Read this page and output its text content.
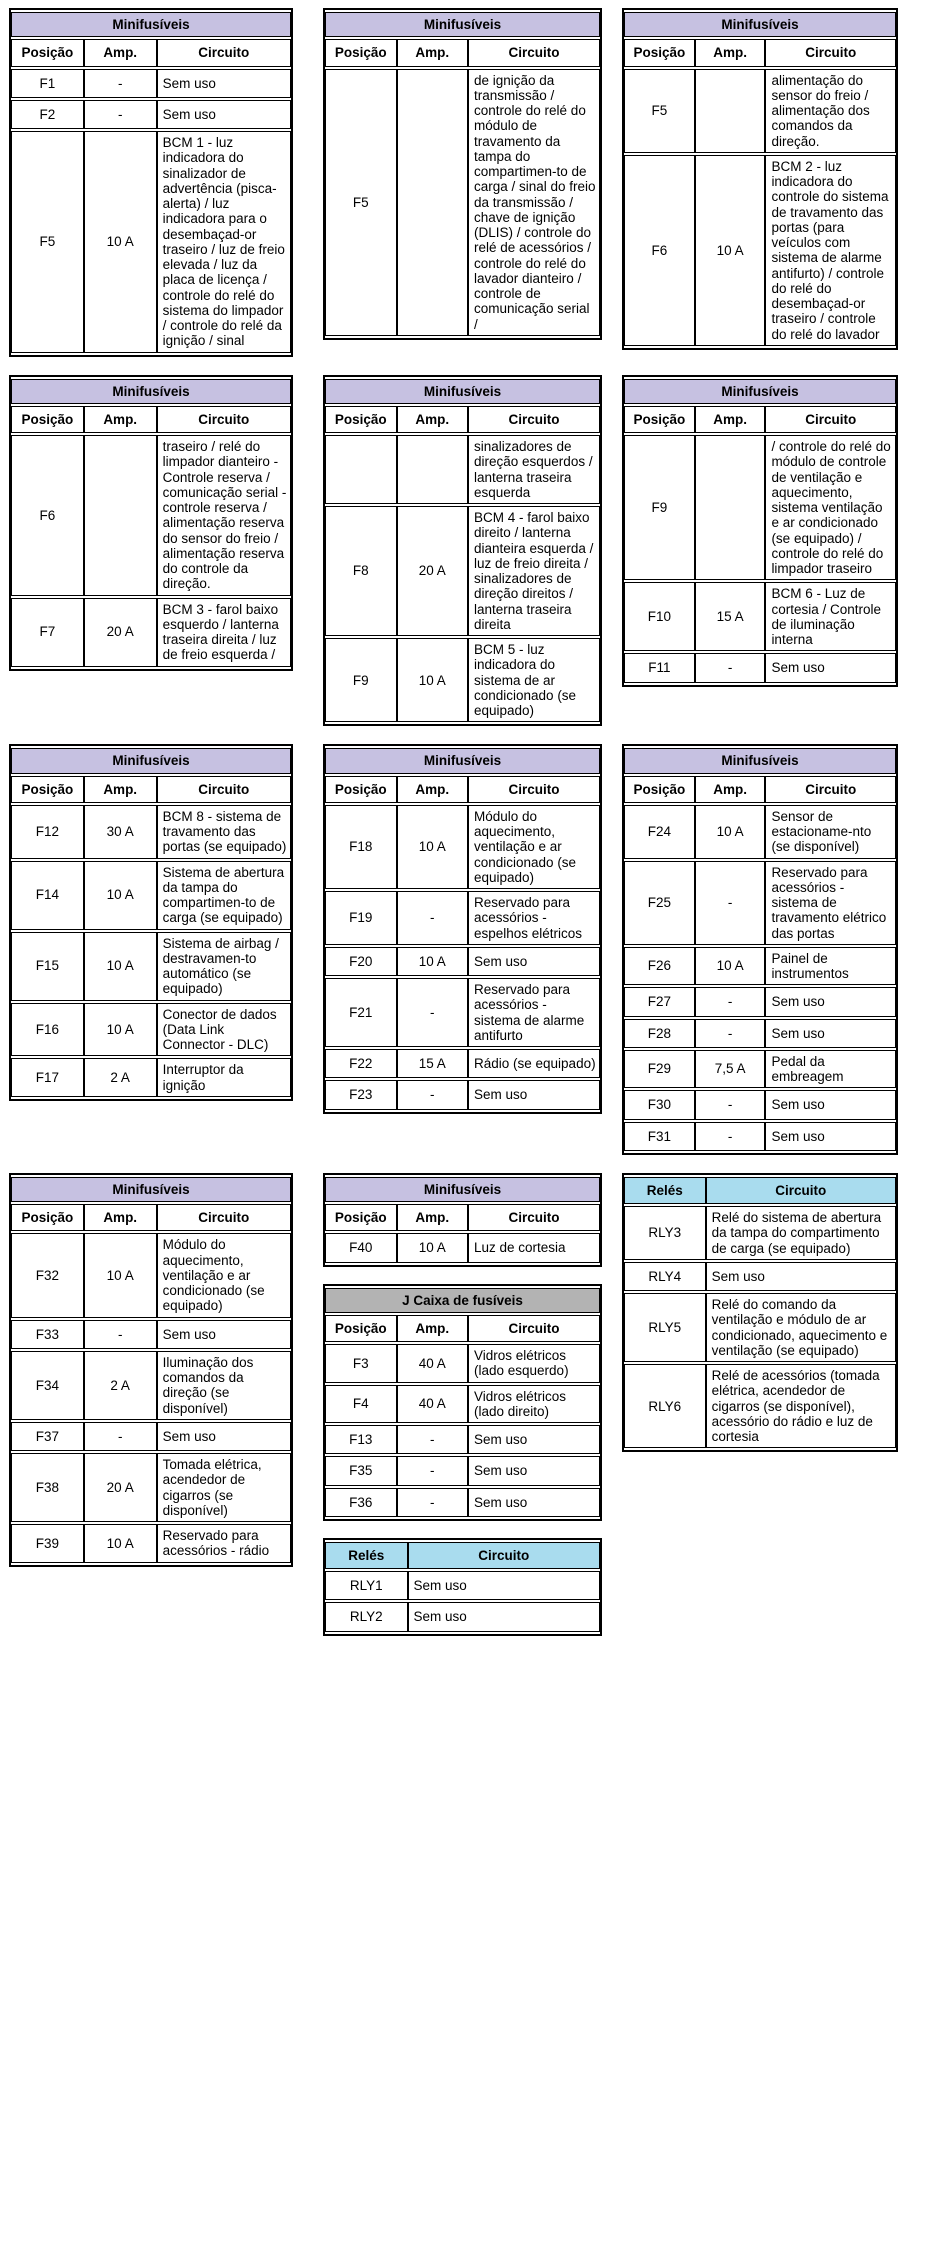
Minifusíveis		
Posição	Amp.	Circuito
F1	-	Sem uso
F2	-	Sem uso
F5	10 A	BCM 1 - luz indicadora do sinalizador de advertência (pisca-alerta) / luz indicadora para o desembaçad-or traseiro / luz de freio elevada / luz da placa de licença / controle do relé do sistema do limpador / controle do relé da ignição / sinal
Minifusíveis		
Posição	Amp.	Circuito
F5		de ignição da transmissão / controle do relé do módulo de travamento da tampa do compartimen-to de carga / sinal do freio da transmissão / chave de ignição (DLIS) / controle do relé de acessórios / controle do relé do lavador dianteiro / controle de comunicação serial /
Minifusíveis		
Posição	Amp.	Circuito
F5		alimentação do sensor do freio / alimentação dos comandos da direção.
F6	10 A	BCM 2 - luz indicadora do controle do sistema de travamento das portas (para veículos com sistema de alarme antifurto) / controle do relé do desembaçad-or traseiro / controle do relé do lavador
Minifusíveis		
Posição	Amp.	Circuito
F6		traseiro / relé do limpador dianteiro - Controle reserva / comunicação serial - controle reserva / alimentação reserva do sensor do freio / alimentação reserva do controle da direção.
F7	20 A	BCM 3 - farol baixo esquerdo / lanterna traseira direita / luz de freio esquerda /
Minifusíveis		
Posição	Amp.	Circuito
		sinalizadores de direção esquerdos / lanterna traseira esquerda
F8	20 A	BCM 4 - farol baixo direito / lanterna dianteira esquerda / luz de freio direita / sinalizadores de direção direitos / lanterna traseira direita
F9	10 A	BCM 5 - luz indicadora do sistema de ar condicionado (se equipado)
Minifusíveis		
Posição	Amp.	Circuito
F9		/ controle do relé do módulo de controle de ventilação e aquecimento, sistema ventilação e ar condicionado (se equipado) / controle do relé do limpador traseiro
F10	15 A	BCM 6 - Luz de cortesia / Controle de iluminação interna
F11	-	Sem uso
Minifusíveis		
Posição	Amp.	Circuito
F12	30 A	BCM 8 - sistema de travamento das portas (se equipado)
F14	10 A	Sistema de abertura da tampa do compartimen-to de carga (se equipado)
F15	10 A	Sistema de airbag / destravamen-to automático (se equipado)
F16	10 A	Conector de dados (Data Link Connector - DLC)
F17	2 A	Interruptor da ignição
Minifusíveis		
Posição	Amp.	Circuito
F18	10 A	Módulo do aquecimento, ventilação e ar condicionado (se equipado)
F19	-	Reservado para acessórios - espelhos elétricos
F20	10 A	Sem uso
F21	-	Reservado para acessórios - sistema de alarme antifurto
F22	15 A	Rádio (se equipado)
F23	-	Sem uso
Minifusíveis		
Posição	Amp.	Circuito
F24	10 A	Sensor de estacioname-nto (se disponível)
F25	-	Reservado para acessórios - sistema de travamento elétrico das portas
F26	10 A	Painel de instrumentos
F27	-	Sem uso
F28	-	Sem uso
F29	7,5 A	Pedal da embreagem
F30	-	Sem uso
F31	-	Sem uso
Minifusíveis		
Posição	Amp.	Circuito
F32	10 A	Módulo do aquecimento, ventilação e ar condicionado (se equipado)
F33	-	Sem uso
F34	2 A	Iluminação dos comandos da direção (se disponível)
F37	-	Sem uso
F38	20 A	Tomada elétrica, acendedor de cigarros (se disponível)
F39	10 A	Reservado para acessórios - rádio
Minifusíveis		
Posição	Amp.	Circuito
F40	10 A	Luz de cortesia
J Caixa de fusíveis		
Posição	Amp.	Circuito
F3	40 A	Vidros elétricos (lado esquerdo)
F4	40 A	Vidros elétricos (lado direito)
F13	-	Sem uso
F35	-	Sem uso
F36	-	Sem uso
Relés	Circuito
RLY1	Sem uso
RLY2	Sem uso
Relés	Circuito
RLY3	Relé do sistema de abertura da tampa do compartimento de carga (se equipado)
RLY4	Sem uso
RLY5	Relé do comando da ventilação e módulo de ar condicionado, aquecimento e ventilação (se equipado)
RLY6	Relé de acessórios (tomada elétrica, acendedor de cigarros (se disponível), acessório do rádio e luz de cortesia
